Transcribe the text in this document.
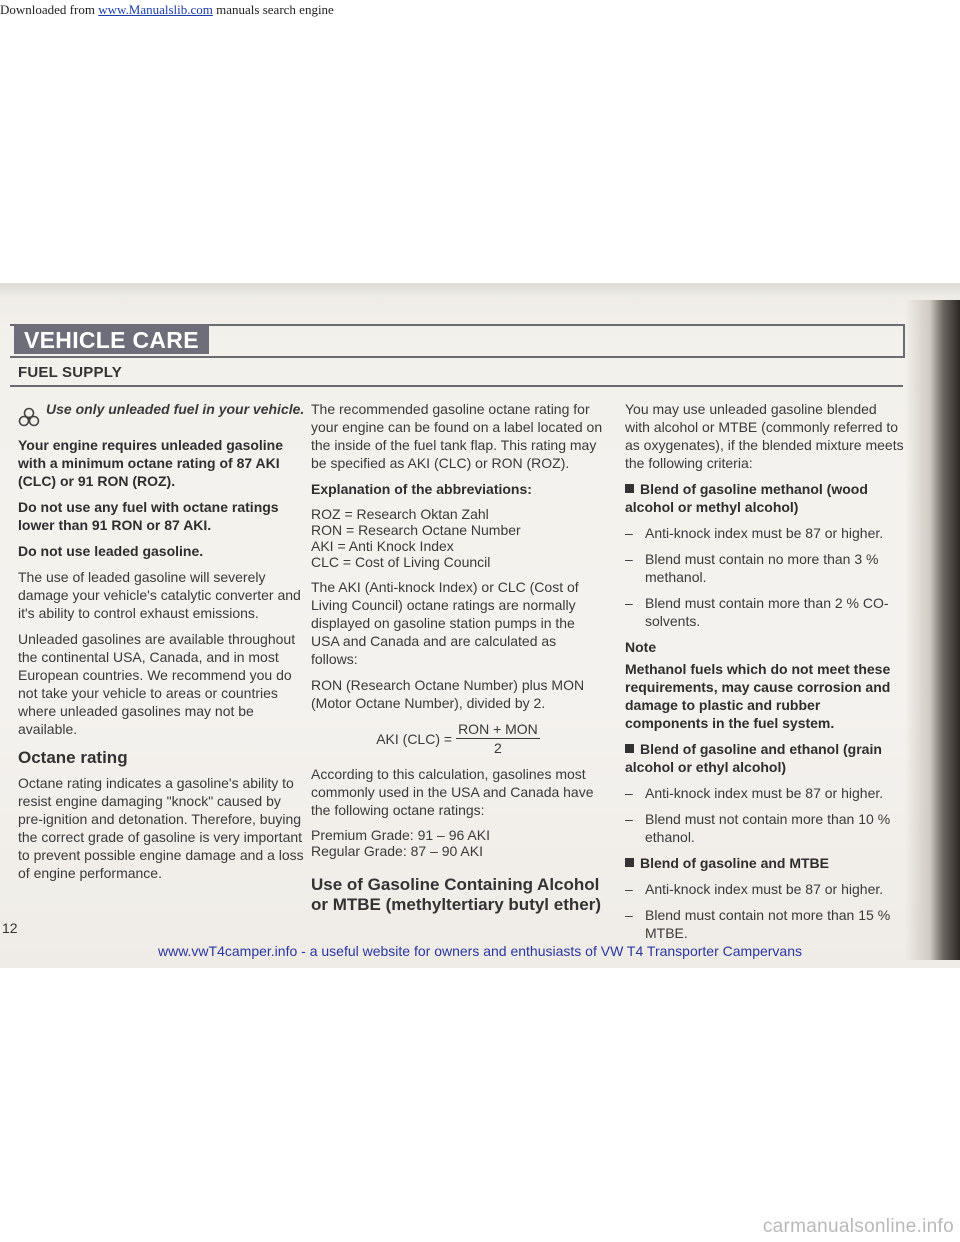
Downloaded from www.Manualslib.com manuals search engine
VEHICLE CARE
FUEL SUPPLY
Use only unleaded fuel in your vehicle.

Your engine requires unleaded gasoline with a minimum octane rating of 87 AKI (CLC) or 91 RON (ROZ).

Do not use any fuel with octane ratings lower than 91 RON or 87 AKI.

Do not use leaded gasoline.

The use of leaded gasoline will severely damage your vehicle's catalytic converter and it's ability to control exhaust emissions.

Unleaded gasolines are available throughout the continental USA, Canada, and in most European countries. We recommend you do not take your vehicle to areas or countries where unleaded gasolines may not be available.

Octane rating

Octane rating indicates a gasoline's ability to resist engine damaging "knock" caused by pre-ignition and detonation. Therefore, buying the correct grade of gasoline is very important to prevent possible engine damage and a loss of engine performance.

The recommended gasoline octane rating for your engine can be found on a label located on the inside of the fuel tank flap. This rating may be specified as AKI (CLC) or RON (ROZ).

Explanation of the abbreviations:

ROZ = Research Oktan Zahl
RON = Research Octane Number
AKI = Anti Knock Index
CLC = Cost of Living Council

The AKI (Anti-knock Index) or CLC (Cost of Living Council) octane ratings are normally displayed on gasoline station pumps in the USA and Canada and are calculated as follows:

RON (Research Octane Number) plus MON (Motor Octane Number), divided by 2.

AKI $(CLC) = \frac{\text{RON + MON}}{2}$

According to this calculation, gasolines most commonly used in the USA and Canada have the following octane ratings:

Premium Grade: 91 – 96 AKI
Regular Grade: 87 – 90 AKI
Use of Gasoline Containing Alcohol or MTBE (methyltertiary butyl ether)

You may use unleaded gasoline blended with alcohol or MTBE (commonly referred to as oxygenates), if the blended mixture meets the following criteria:

Blend of gasoline methanol (wood alcohol or methyl alcohol)
– Anti-knock index must be 87 or higher.
– Blend must contain no more than 3 % methanol.
– Blend must contain more than 2 % CO-solvents.
Note

Methanol fuels which do not meet these requirements, may cause corrosion and damage to plastic and rubber components in the fuel system.

Blend of gasoline and ethanol (grain alcohol or ethyl alcohol)
– Anti-knock index must be 87 or higher.
– Blend must not contain more than 10 % ethanol.
Blend of gasoline and MTBE
– Anti-knock index must be 87 or higher.
– Blend must contain not more than 15 % MTBE.
12
www.vwT4camper.info - a useful website for owners and enthusiasts of VW T4 Transporter Campervans
carmanualsonline.info
